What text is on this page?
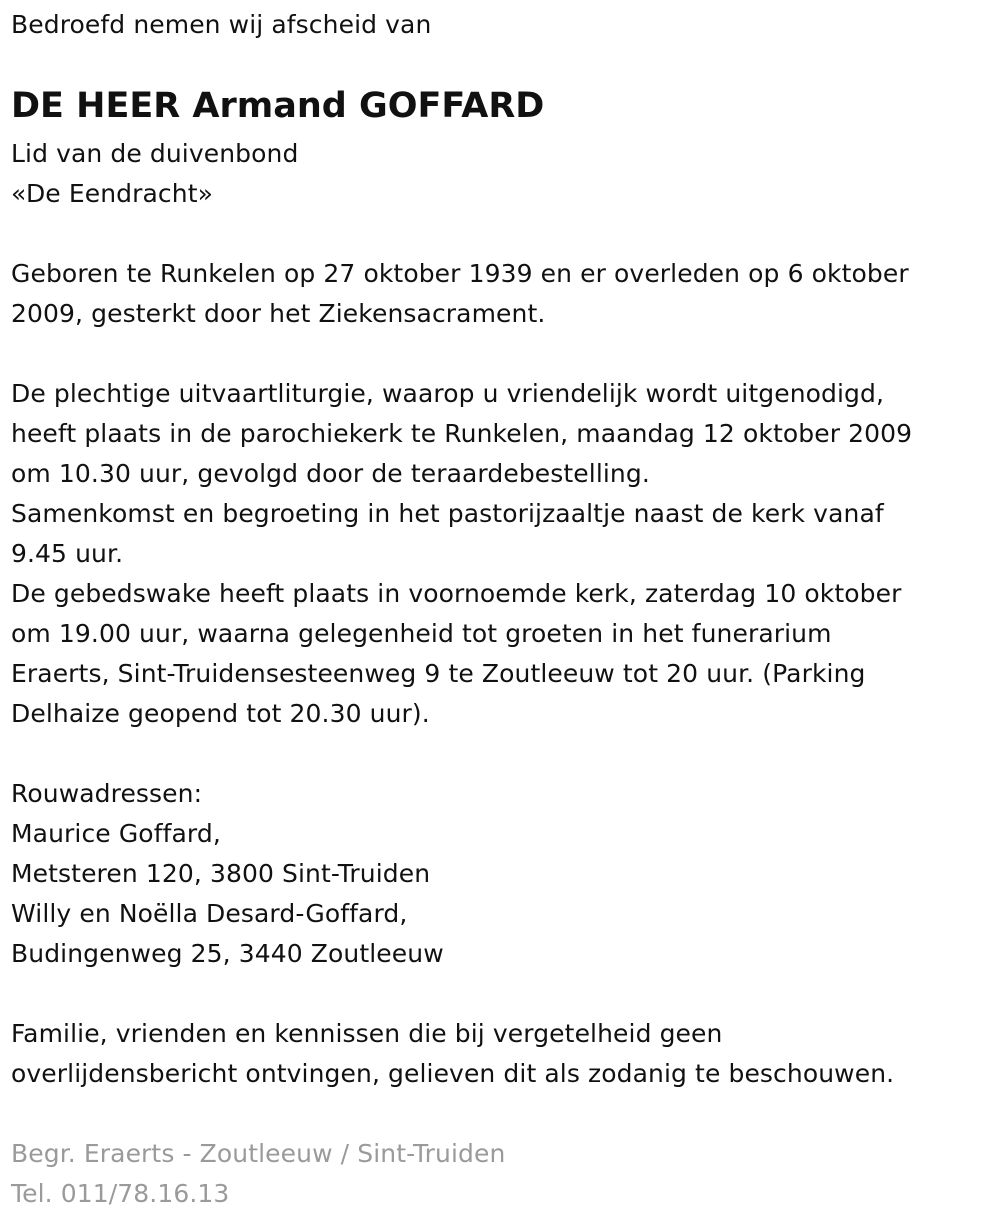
Bedroefd nemen wij afscheid van
DE HEER Armand GOFFARD
Lid van de duivenbond
«De Eendracht»
Geboren te Runkelen op 27 oktober 1939 en er overleden op 6 oktober
2009, gesterkt door het Ziekensacrament.
De plechtige uitvaartliturgie, waarop u vriendelijk wordt uitgenodigd,
heeft plaats in de parochiekerk te Runkelen, maandag 12 oktober 2009
om 10.30 uur, gevolgd door de teraardebestelling.
Samenkomst en begroeting in het pastorijzaaltje naast de kerk vanaf
9.45 uur.
De gebedswake heeft plaats in voornoemde kerk, zaterdag 10 oktober
om 19.00 uur, waarna gelegenheid tot groeten in het funerarium
Eraerts, Sint-Truidensesteenweg 9 te Zoutleeuw tot 20 uur. (Parking
Delhaize geopend tot 20.30 uur).
Rouwadressen:
Maurice Goffard,
Metsteren 120, 3800 Sint-Truiden
Willy en Noëlla Desard-Goffard,
Budingenweg 25, 3440 Zoutleeuw
Familie, vrienden en kennissen die bij vergetelheid geen
overlijdensbericht ontvingen, gelieven dit als zodanig te beschouwen.
Begr. Eraerts - Zoutleeuw / Sint-Truiden
Tel. 011/78.16.13
